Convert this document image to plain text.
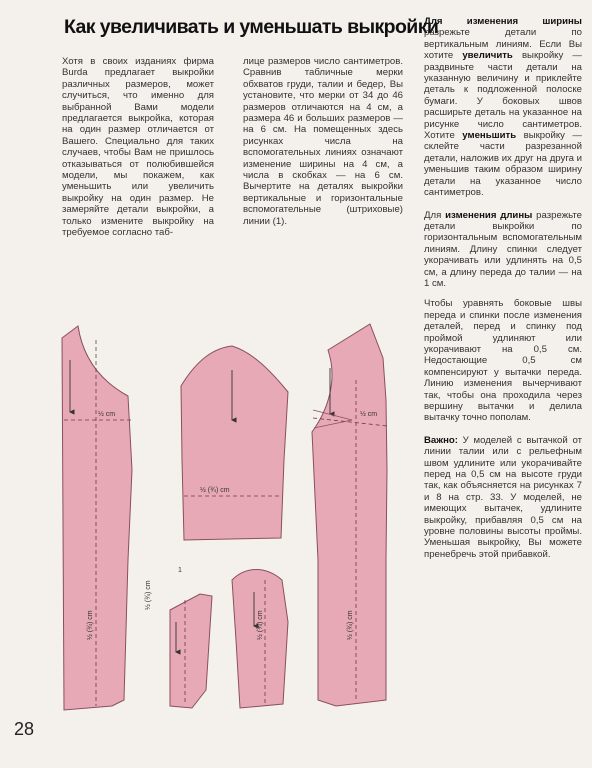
Как увеличивать и уменьшать выкройки

Хотя в своих изданиях фирма Burda предлагает выкройки различных размеров, может случиться, что именно для выбранной Вами модели предлагается выкройка, которая на один размер отличается от Вашего. Специально для таких случаев, чтобы Вам не пришлось отказываться от полюбившейся модели, мы покажем, как уменьшить или увеличить выкройку на один размер. Не замеряйте детали выкройки, а только измените выкройку на требуемое согласно таб-

лице размеров число сантиметров. Сравнив табличные мерки обхватов груди, талии и бедер, Вы установите, что мерки от 34 до 46 размеров отличаются на 4 см, а размера 46 и больших размеров — на 6 см. На помещенных здесь рисунках числа на вспомогательных линиях означают изменение ширины на 4 см, а числа в скобках — на 6 см. Вычертите на деталях выкройки вертикальные и горизонтальные вспомогательные (штриховые) линии (1).

Для изменения ширины разрежьте детали по вертикальным линиям. Если Вы хотите увеличить выкройку — раздвиньте части детали на указанную величину и приклейте деталь к подложенной полоске бумаги. У боковых швов расширьте деталь на указанное на рисунке число сантиметров. Хотите уменьшить выкройку — склейте части разрезанной детали, наложив их друг на друга и уменьшив таким образом ширину детали на указанное число сантиметров.

Для изменения длины разрежьте детали выкройки по горизонтальным вспомогательным линиям. Длину спинки следует укорачивать или удлинять на 0,5 см, а длину переда до талии — на 1 см.

Чтобы уравнять боковые швы переда и спинки после изменения деталей, перед и спинку под проймой удлиняют или укорачивают на 0,5 см. Недостающие 0,5 см компенсируют у вытачки переда. Линию изменения вычерчивают так, чтобы она проходила через вершину вытачки и делила вытачку точно пополам.

Важно: У моделей с вытачкой от линии талии или с рельефным швом удлините или укорачивайте перед на 0,5 см на высоте груди так, как объясняется на рисунках 7 и 8 на стр. 33. У моделей, не имеющих вытачек, удлините выкройку, прибавляя 0,5 см на уровне половины высоты проймы. Уменьшая выкройку, Вы можете пренебречь этой прибавкой.

½ cm	½ cm
½ (¾) cm
1
½ (¾) cm	½ (¾) cm
½ (¾) cm
½ (¾) cm
28
